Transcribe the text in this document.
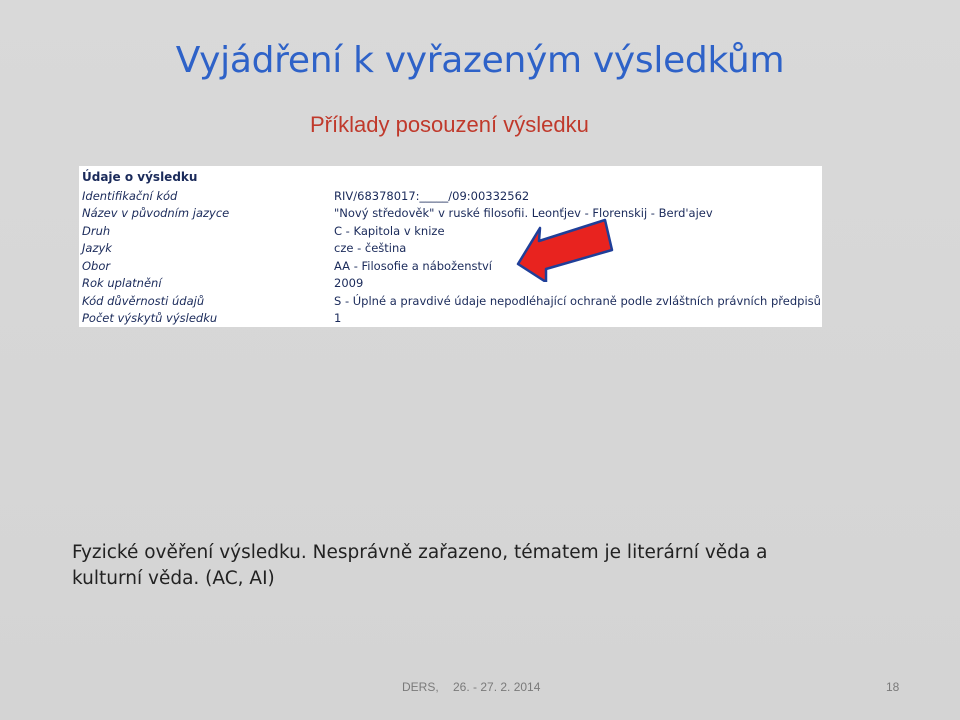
Vyjádření k vyřazeným výsledkům
Příklady posouzení výsledku
Údaje o výsledku
Identifikační kód	RIV/68378017:_____/09:00332562
Název v původním jazyce	"Nový středověk" v ruské filosofii. Leonťjev - Florenskij - Berd'ajev
Druh	C - Kapitola v knize
Jazyk	cze - čeština
Obor	AA - Filosofie a náboženství
Rok uplatnění	2009
Kód důvěrnosti údajů	S - Úplné a pravdivé údaje nepodléhající ochraně podle zvláštních právních předpisů
Počet výskytů výsledku	1
Fyzické ověření výsledku. Nesprávně zařazeno, tématem je literární věda a kulturní věda. (AC, AI)
DERS, 26. - 27. 2. 2014	18
